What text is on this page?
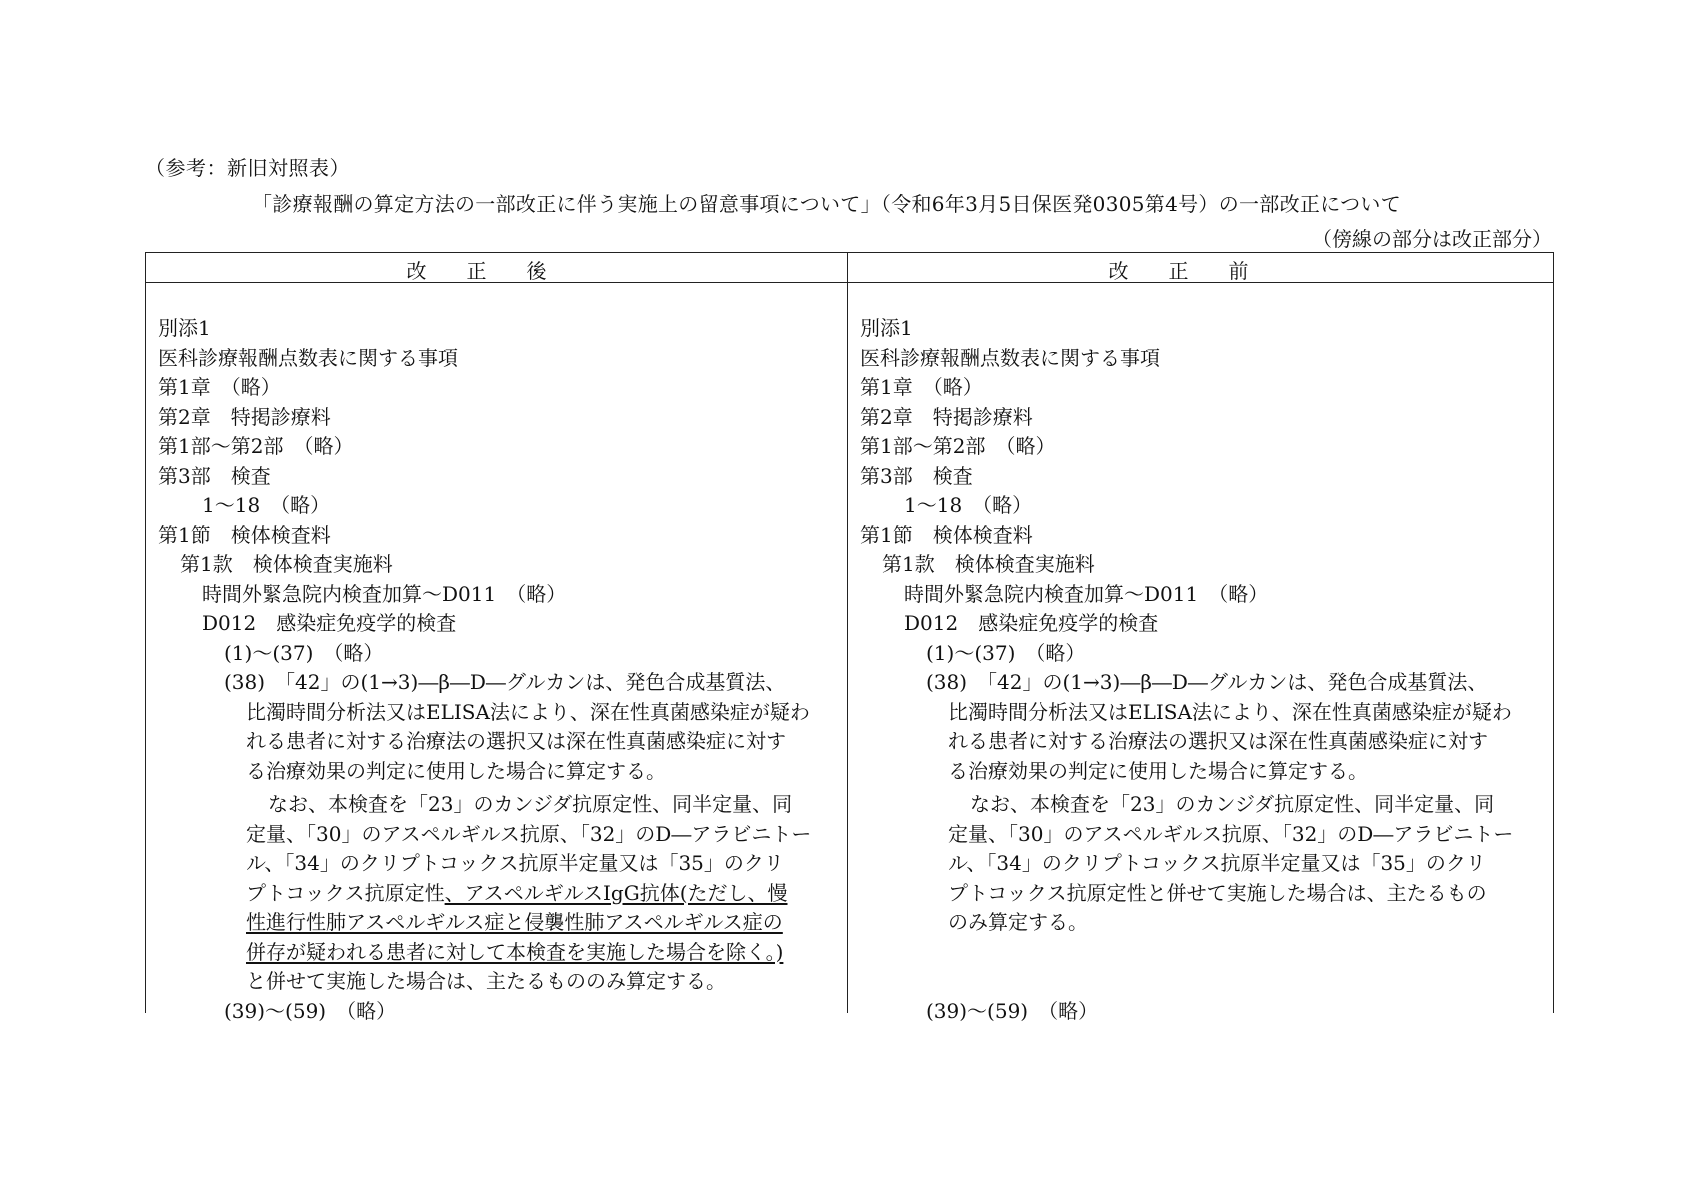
（参考：新旧対照表）
「診療報酬の算定方法の一部改正に伴う実施上の留意事項について」（令和6年3月5日保医発0305第4号）の一部改正について
（傍線の部分は改正部分）
改正後	改正前
別添1
医科診療報酬点数表に関する事項
第1章　（略）
第2章　特掲診療料
第1部～第2部　（略）
第3部　検査
1～18　（略）
第1節　検体検査料
第1款　検体検査実施料
時間外緊急院内検査加算～D011　（略）
D012　感染症免疫学的検査
(1)～(37)　（略）
(38)　「42」の(1→3)―β―D―グルカンは、発色合成基質法、
比濁時間分析法又はELISA法により、深在性真菌感染症が疑わ
れる患者に対する治療法の選択又は深在性真菌感染症に対す
る治療効果の判定に使用した場合に算定する。
なお、本検査を「23」のカンジダ抗原定性、同半定量、同
定量、「30」のアスペルギルス抗原、「32」のD―アラビニトー
ル、「34」のクリプトコックス抗原半定量又は「35」のクリ
プトコックス抗原定性、アスペルギルスIgG抗体(ただし、慢
性進行性肺アスペルギルス症と侵襲性肺アスペルギルス症の
併存が疑われる患者に対して本検査を実施した場合を除く。)
と併せて実施した場合は、主たるもののみ算定する。
(39)～(59)　（略）
別添1
医科診療報酬点数表に関する事項
第1章　（略）
第2章　特掲診療料
第1部～第2部　（略）
第3部　検査
1～18　（略）
第1節　検体検査料
第1款　検体検査実施料
時間外緊急院内検査加算～D011　（略）
D012　感染症免疫学的検査
(1)～(37)　（略）
(38)　「42」の(1→3)―β―D―グルカンは、発色合成基質法、
比濁時間分析法又はELISA法により、深在性真菌感染症が疑わ
れる患者に対する治療法の選択又は深在性真菌感染症に対す
る治療効果の判定に使用した場合に算定する。
なお、本検査を「23」のカンジダ抗原定性、同半定量、同
定量、「30」のアスペルギルス抗原、「32」のD―アラビニトー
ル、「34」のクリプトコックス抗原半定量又は「35」のクリ
プトコックス抗原定性と併せて実施した場合は、主たるもの
のみ算定する。
(39)～(59)　（略）
